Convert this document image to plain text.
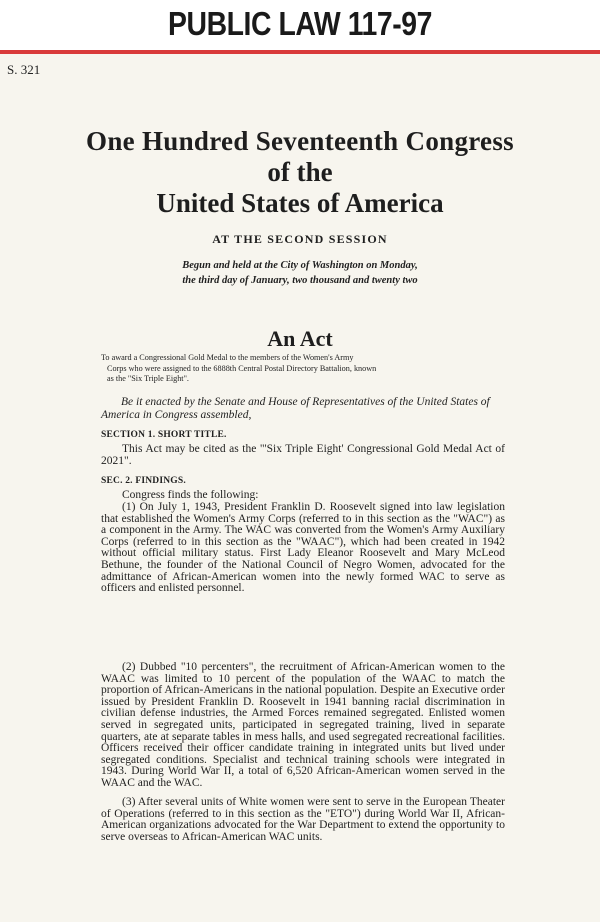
PUBLIC LAW 117-97
S. 321
One Hundred Seventeenth Congress
of the
United States of America
AT THE SECOND SESSION
Begun and held at the City of Washington on Monday,
the third day of January, two thousand and twenty two
An Act
To award a Congressional Gold Medal to the members of the Women's Army
Corps who were assigned to the 6888th Central Postal Directory Battalion, known
as the "Six Triple Eight".
Be it enacted by the Senate and House of Representatives of the United States of America in Congress assembled,
SECTION 1. SHORT TITLE.
This Act may be cited as the "'Six Triple Eight' Congressional Gold Medal Act of 2021".
SEC. 2. FINDINGS.
Congress finds the following:
(1) On July 1, 1943, President Franklin D. Roosevelt signed into law legislation that established the Women's Army Corps (referred to in this section as the "WAC") as a component in the Army. The WAC was converted from the Women's Army Auxiliary Corps (referred to in this section as the "WAAC"), which had been created in 1942 without official military status. First Lady Eleanor Roosevelt and Mary McLeod Bethune, the founder of the National Council of Negro Women, advocated for the admittance of African-American women into the newly formed WAC to serve as officers and enlisted personnel.
(2) Dubbed "10 percenters", the recruitment of African-American women to the WAAC was limited to 10 percent of the population of the WAAC to match the proportion of African-Americans in the national population. Despite an Executive order issued by President Franklin D. Roosevelt in 1941 banning racial discrimination in civilian defense industries, the Armed Forces remained segregated. Enlisted women served in segregated units, participated in segregated training, lived in separate quarters, ate at separate tables in mess halls, and used segregated recreational facilities. Officers received their officer candidate training in integrated units but lived under segregated conditions. Specialist and technical training schools were integrated in 1943. During World War II, a total of 6,520 African-American women served in the WAAC and the WAC.
(3) After several units of White women were sent to serve in the European Theater of Operations (referred to in this section as the "ETO") during World War II, African-American organizations advocated for the War Department to extend the opportunity to serve overseas to African-American WAC units.
